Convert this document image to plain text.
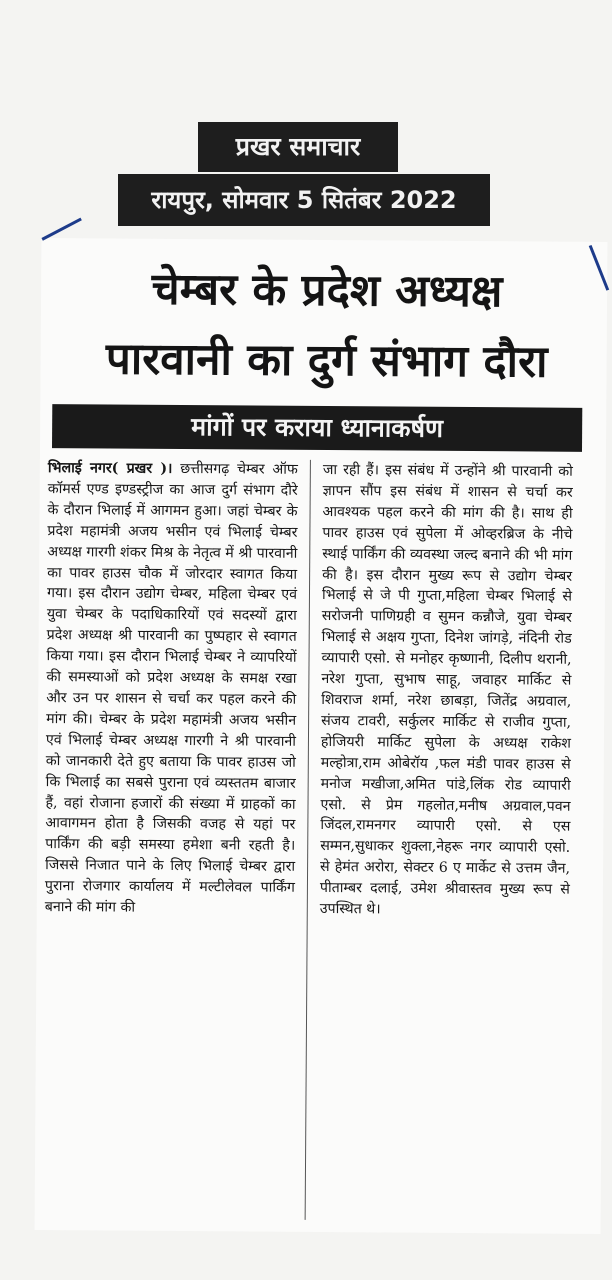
प्रखर समाचार
रायपुर, सोमवार 5 सितंबर 2022
चेम्बर के प्रदेश अध्यक्ष
पारवानी का दुर्ग संभाग दौरा
मांगों पर कराया ध्यानाकर्षण

भिलाई नगर( प्रखर )। छत्तीसगढ़ चेम्बर ऑफ कॉमर्स एण्ड इण्डस्ट्रीज का आज दुर्ग संभाग दौरे के दौरान भिलाई में आगमन हुआ। जहां चेम्बर के प्रदेश महामंत्री अजय भसीन एवं भिलाई चेम्बर अध्यक्ष गारगी शंकर मिश्र के नेतृत्व में श्री पारवानी का पावर हाउस चौक में जोरदार स्वागत किया गया। इस दौरान उद्योग चेम्बर, महिला चेम्बर एवं युवा चेम्बर के पदाधिकारियों एवं सदस्यों द्वारा प्रदेश अध्यक्ष श्री पारवानी का पुष्पहार से स्वागत किया गया। इस दौरान भिलाई चेम्बर ने व्यापरियों की समस्याओं को प्रदेश अध्यक्ष के समक्ष रखा और उन पर शासन से चर्चा कर पहल करने की मांग की। चेम्बर के प्रदेश महामंत्री अजय भसीन एवं भिलाई चेम्बर अध्यक्ष गारगी ने श्री पारवानी को जानकारी देते हुए बताया कि पावर हाउस जो कि भिलाई का सबसे पुराना एवं व्यस्ततम बाजार हैं, वहां रोजाना हजारों की संख्या में ग्राहकों का आवागमन होता है जिसकी वजह से यहां पर पार्किंग की बड़ी समस्या हमेशा बनी रहती है। जिससे निजात पाने के लिए भिलाई चेम्बर द्वारा पुराना रोजगार कार्यालय में मल्टीलेवल पार्किंग बनाने की मांग की

जा रही हैं। इस संबंध में उन्होंने श्री पारवानी को ज्ञापन सौंप इस संबंध में शासन से चर्चा कर आवश्यक पहल करने की मांग की है। साथ ही पावर हाउस एवं सुपेला में ओव्हरब्रिज के नीचे स्थाई पार्किंग की व्यवस्था जल्द बनाने की भी मांग की है। इस दौरान मुख्य रूप से उद्योग चेम्बर भिलाई से जे पी गुप्ता,महिला चेम्बर भिलाई से सरोजनी पाणिग्रही व सुमन कन्नौजे, युवा चेम्बर भिलाई से अक्षय गुप्ता, दिनेश जांगड़े, नंदिनी रोड व्यापारी एसो. से मनोहर कृष्णानी, दिलीप थरानी, नरेश गुप्ता, सुभाष साहू, जवाहर मार्किट से शिवराज शर्मा, नरेश छाबड़ा, जितेंद्र अग्रवाल, संजय टावरी, सर्कुलर मार्किट से राजीव गुप्ता, होजियरी मार्किट सुपेला के अध्यक्ष राकेश मल्होत्रा,राम ओबेरॉय ,फल मंडी पावर हाउस से मनोज मखीजा,अमित पांडे,लिंक रोड व्यापारी एसो. से प्रेम गहलोत,मनीष अग्रवाल,पवन जिंदल,रामनगर व्यापारी एसो. से एस सम्मन,सुधाकर शुक्ला,नेहरू नगर व्यापारी एसो. से हेमंत अरोरा, सेक्टर 6 ए मार्केट से उत्तम जैन, पीताम्बर दलाई, उमेश श्रीवास्तव मुख्य रूप से उपस्थित थे।
